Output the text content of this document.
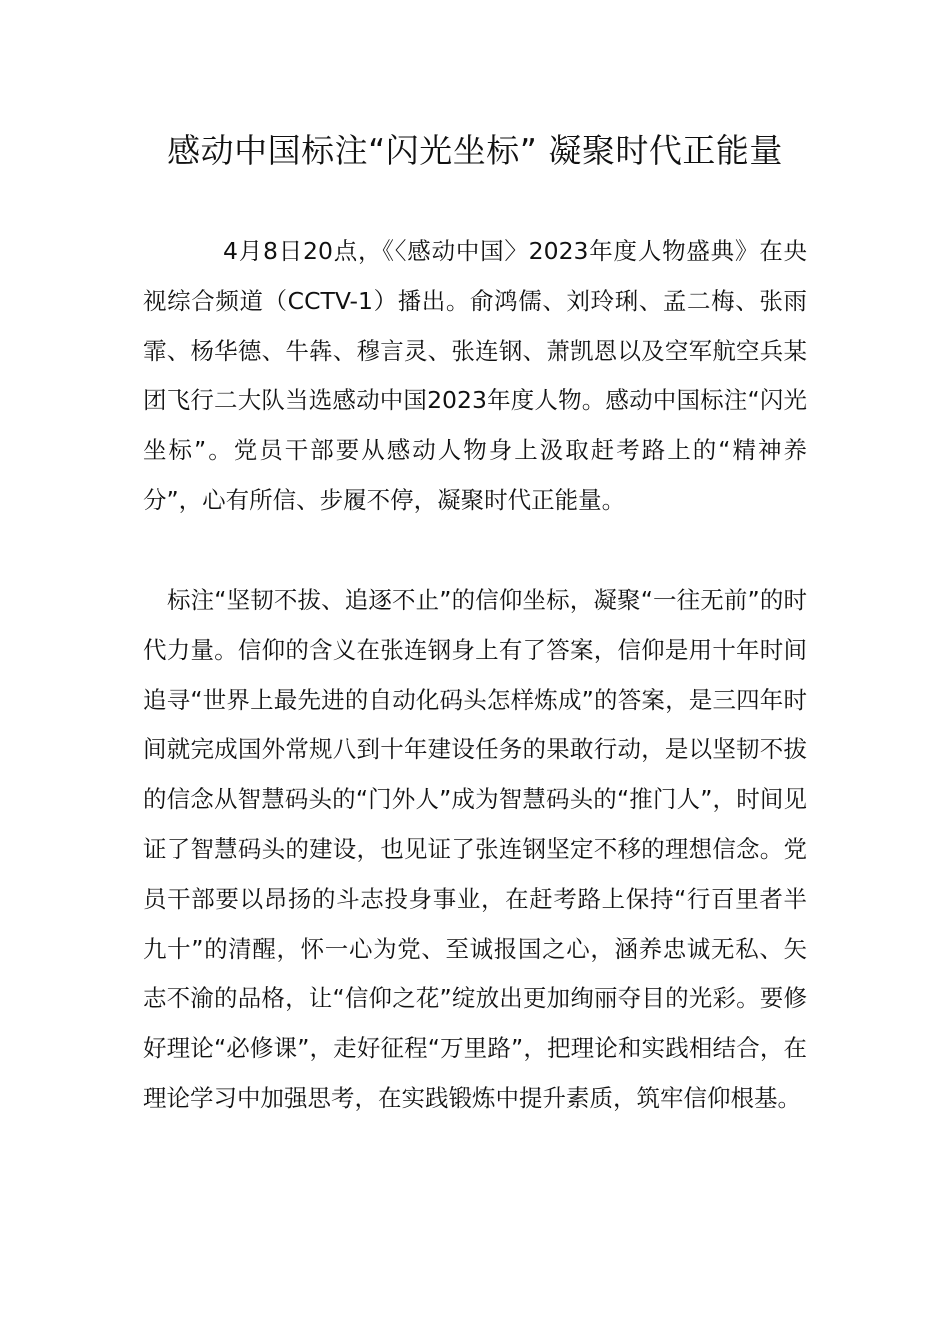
感动中国标注“闪光坐标” 凝聚时代正能量

4月8日20点，《〈感动中国〉2023年度人物盛典》在央视综合频道（CCTV-1）播出。俞鸿儒、刘玲琍、孟二梅、张雨霏、杨华德、牛犇、穆言灵、张连钢、萧凯恩以及空军航空兵某团飞行二大队当选感动中国2023年度人物。感动中国标注“闪光坐标”。党员干部要从感动人物身上汲取赶考路上的“精神养分”，心有所信、步履不停，凝聚时代正能量。

标注“坚韧不拔、追逐不止”的信仰坐标，凝聚“一往无前”的时代力量。信仰的含义在张连钢身上有了答案，信仰是用十年时间追寻“世界上最先进的自动化码头怎样炼成”的答案，是三四年时间就完成国外常规八到十年建设任务的果敢行动，是以坚韧不拔的信念从智慧码头的“门外人”成为智慧码头的“推门人”，时间见证了智慧码头的建设，也见证了张连钢坚定不移的理想信念。党员干部要以昂扬的斗志投身事业，在赶考路上保持“行百里者半九十”的清醒，怀一心为党、至诚报国之心，涵养忠诚无私、矢志不渝的品格，让“信仰之花”绽放出更加绚丽夺目的光彩。要修好理论“必修课”，走好征程“万里路”，把理论和实践相结合，在理论学习中加强思考，在实践锻炼中提升素质，筑牢信仰根基。
